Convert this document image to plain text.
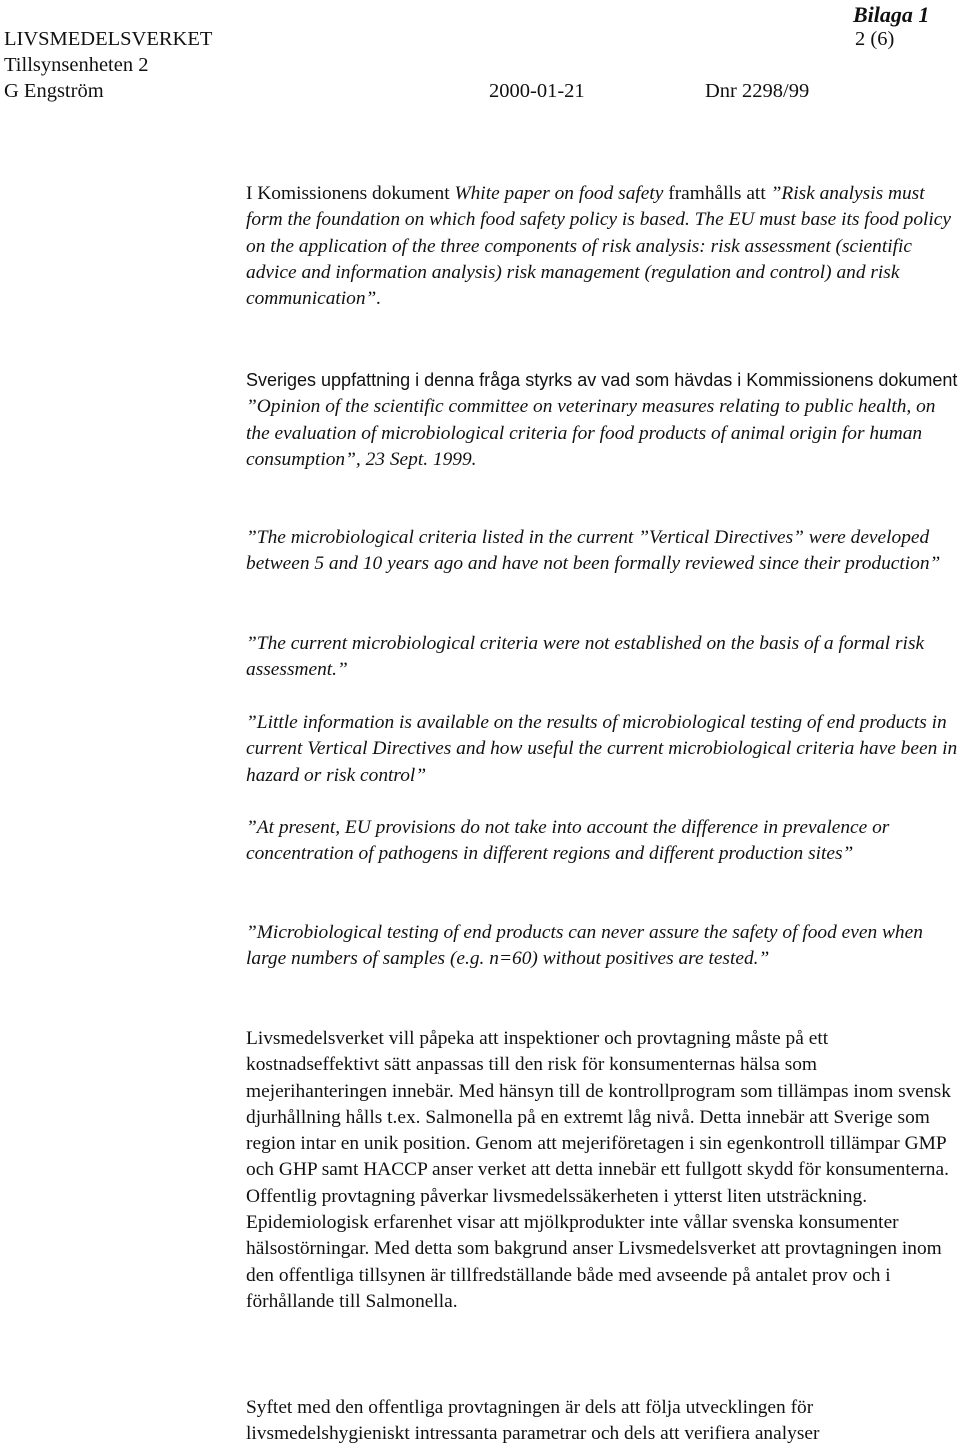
Bilaga 1
LIVSMEDELSVERKET	2 (6)
Tillsynsenheten 2
G Engström	2000-01-21	Dnr 2298/99

I Komissionens dokument White paper on food safety framhålls att ”Risk analysis must form the foundation on which food safety policy is based. The EU must base its food policy on the application of the three components of risk analysis: risk assessment (scientific advice and information analysis) risk management (regulation and control) and risk communication”.

Sveriges uppfattning i denna fråga styrks av vad som hävdas i Kommissionens dokument ”Opinion of the scientific committee on veterinary measures relating to public health, on the evaluation of microbiological criteria for food products of animal origin for human consumption”, 23 Sept. 1999.

”The microbiological criteria listed in the current ”Vertical Directives” were developed between 5 and 10 years ago and have not been formally reviewed since their production”
”The current microbiological criteria were not established on the basis of a formal risk assessment.”
”Little information is available on the results of microbiological testing of end products in current Vertical Directives and how useful the current microbiological criteria have been in hazard or risk control”
”At present, EU provisions do not take into account the difference in prevalence or concentration of pathogens in different regions and different production sites”
”Microbiological testing of end products can never assure the safety of food even when large numbers of samples (e.g. n=60) without positives are tested.”

Livsmedelsverket vill påpeka att inspektioner och provtagning måste på ett kostnadseffektivt sätt anpassas till den risk för konsumenternas hälsa som mejerihanteringen innebär. Med hänsyn till de kontrollprogram som tillämpas inom svensk djurhållning hålls t.ex. Salmonella på en extremt låg nivå. Detta innebär att Sverige som region intar en unik position. Genom att mejeriföretagen i sin egenkontroll tillämpar GMP och GHP samt HACCP anser verket att detta innebär ett fullgott skydd för konsumenterna. Offentlig provtagning påverkar livsmedelssäkerheten i ytterst liten utsträckning. Epidemiologisk erfarenhet visar att mjölkprodukter inte vållar svenska konsumenter hälsostörningar. Med detta som bakgrund anser Livsmedelsverket att provtagningen inom den offentliga tillsynen är tillfredställande både med avseende på antalet prov och i förhållande till Salmonella.

Syftet med den offentliga provtagningen är dels att följa utvecklingen för livsmedelshygieniskt intressanta parametrar och dels att verifiera analyser
